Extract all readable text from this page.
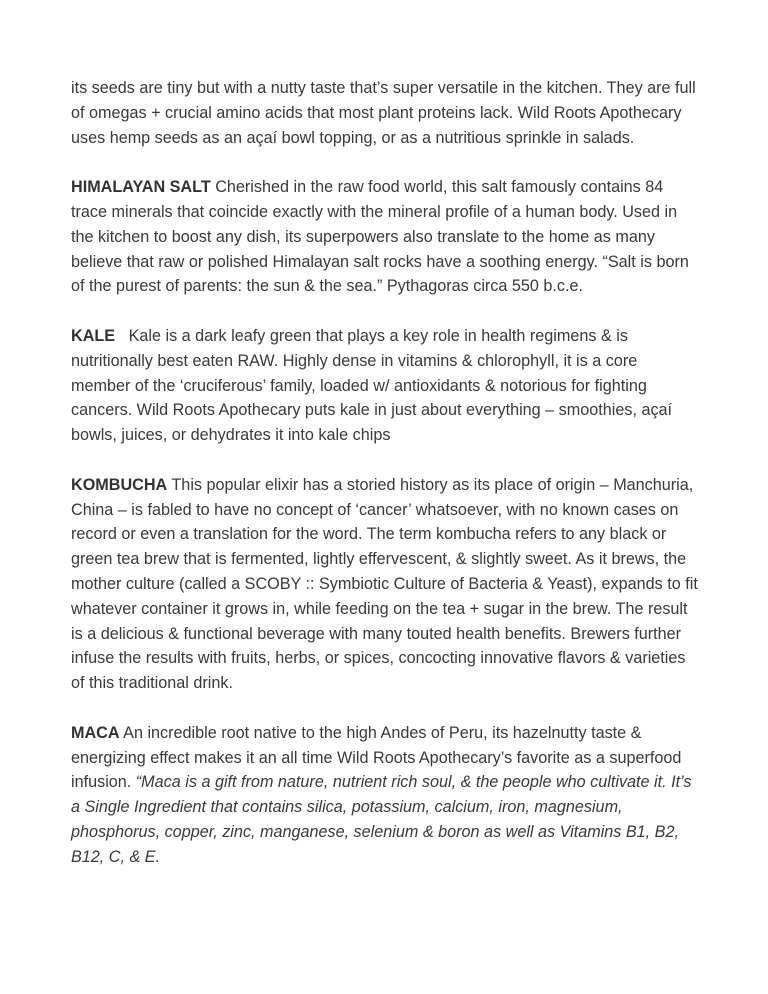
its seeds are tiny but with a nutty taste that’s super versatile in the kitchen. They are full of omegas + crucial amino acids that most plant proteins lack. Wild Roots Apothecary uses hemp seeds as an açaí bowl topping, or as a nutritious sprinkle in salads.

HIMALAYAN SALT Cherished in the raw food world, this salt famously contains 84 trace minerals that coincide exactly with the mineral profile of a human body. Used in the kitchen to boost any dish, its superpowers also translate to the home as many believe that raw or polished Himalayan salt rocks have a soothing energy. “Salt is born of the purest of parents: the sun & the sea.” Pythagoras circa 550 b.c.e.

KALE   Kale is a dark leafy green that plays a key role in health regimens & is nutritionally best eaten RAW. Highly dense in vitamins & chlorophyll, it is a core member of the ‘cruciferous’ family, loaded w/ antioxidants & notorious for fighting cancers. Wild Roots Apothecary puts kale in just about everything – smoothies, açaí bowls, juices, or dehydrates it into kale chips

KOMBUCHA This popular elixir has a storied history as its place of origin – Manchuria, China – is fabled to have no concept of ‘cancer’ whatsoever, with no known cases on record or even a translation for the word. The term kombucha refers to any black or green tea brew that is fermented, lightly effervescent, & slightly sweet. As it brews, the mother culture (called a SCOBY :: Symbiotic Culture of Bacteria & Yeast), expands to fit whatever container it grows in, while feeding on the tea + sugar in the brew. The result is a delicious & functional beverage with many touted health benefits. Brewers further infuse the results with fruits, herbs, or spices, concocting innovative flavors & varieties of this traditional drink.

MACA An incredible root native to the high Andes of Peru, its hazelnutty taste & energizing effect makes it an all time Wild Roots Apothecary’s favorite as a superfood infusion. “Maca is a gift from nature, nutrient rich soul, & the people who cultivate it. It’s a Single Ingredient that contains silica, potassium, calcium, iron, magnesium, phosphorus, copper, zinc, manganese, selenium & boron as well as Vitamins B1, B2, B12, C, & E.
